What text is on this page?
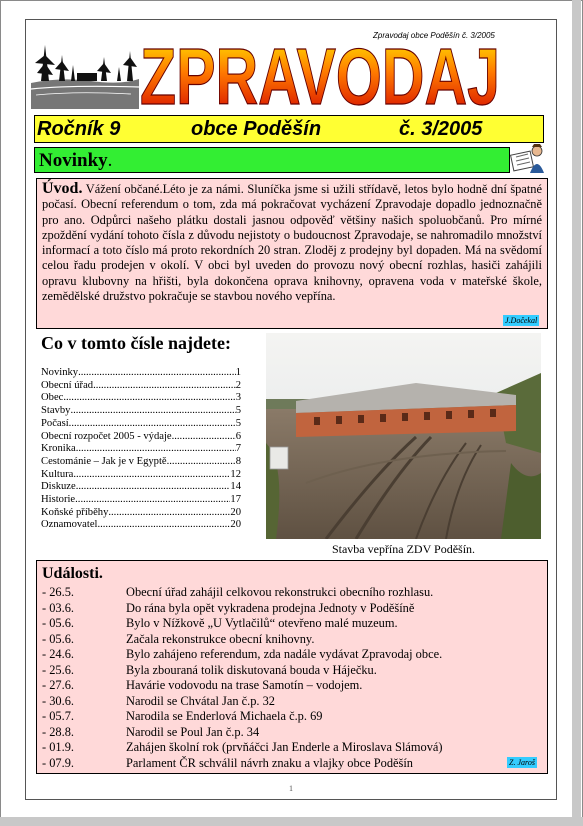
Zpravodaj obce Poděšín č. 3/2005
ZPRAVODAJ
Ročník 9	obce Poděšín	č. 3/2005
Novinky.
Úvod. Vážení občané.Léto je za námi. Sluníčka jsme si užili střídavě, letos bylo hodně dní špatné počasí. Obecní referendum o tom, zda má pokračovat vycházení Zpravodaje dopadlo jednoznačně pro ano. Odpůrci našeho plátku dostali jasnou odpověď většiny našich spoluobčanů. Pro mírné zpoždění vydání tohoto čísla z důvodu nejistoty o budoucnost Zpravodaje, se nahromadilo množství informací a toto číslo má proto rekordních 20 stran. Zloděj z prodejny byl dopaden. Má na svědomí celou řadu prodejen v okolí. V obci byl uveden do provozu nový obecní rozhlas, hasiči zahájili opravu klubovny na hřišti, byla dokončena oprava knihovny, opravena voda v mateřské škole, zemědělské družstvo pokračuje se stavbou nového vepřína.
J.Dočekal
Co v tomto čísle najdete:
Novinky .....	1
Obecní úřad .....	2
Obec .....	3
Stavby .....	5
Počasí .....	5
Obecní rozpočet 2005 - výdaje .....	6
Kronika .....	7
Cestománie – Jak je v Egyptě .....	8
Kultura .....	12
Diskuze .....	14
Historie .....	17
Koňské příběhy .....	20
Oznamovatel .....	20
Stavba vepřína ZDV Poděšín.
Události.
- 26.5.	Obecní úřad zahájil celkovou rekonstrukci obecního rozhlasu.
- 03.6.	Do rána byla opět vykradena prodejna Jednoty v Poděšíně
- 05.6.	Bylo v Nížkově „U Vytlačilů“ otevřeno malé muzeum.
- 05.6.	Začala rekonstrukce obecní knihovny.
- 24.6.	Bylo zahájeno referendum, zda nadále vydávat Zpravodaj obce.
- 25.6.	Byla zbouraná tolik diskutovaná bouda v Háječku.
- 27.6.	Havárie vodovodu na trase Samotín – vodojem.
- 30.6.	Narodil se Chvátal Jan č.p. 32
- 05.7.	Narodila se Enderlová Michaela č.p. 69
- 28.8.	Narodil se Poul Jan č.p. 34
- 01.9.	Zahájen školní rok (prvňáčci Jan Enderle a Miroslava Slámová)
- 07.9.	Parlament ČR schválil návrh znaku a vlajky obce Poděšín	Z. Jaroš
1
